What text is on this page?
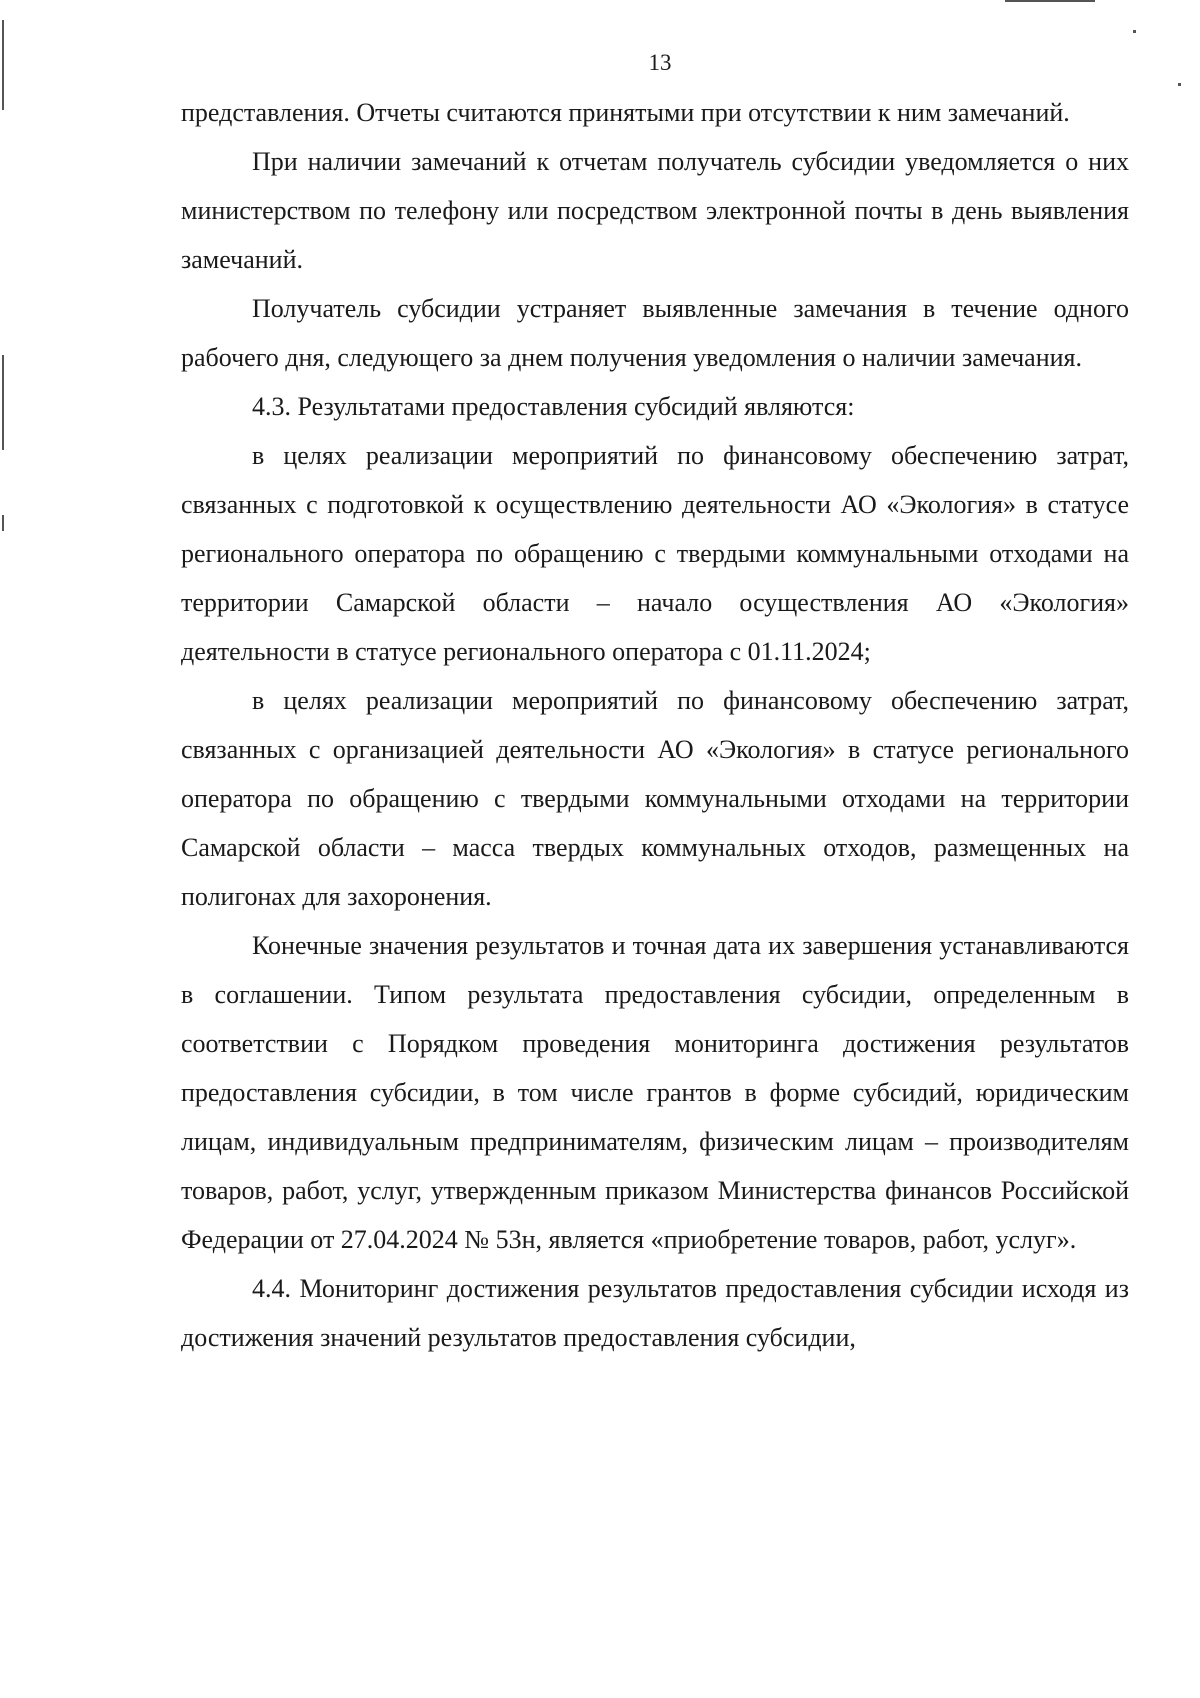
13

представления. Отчеты считаются принятыми при отсутствии к ним замечаний.

При наличии замечаний к отчетам получатель субсидии уведомляется о них министерством по телефону или посредством электронной почты в день выявления замечаний.

Получатель субсидии устраняет выявленные замечания в течение одного рабочего дня, следующего за днем получения уведомления о наличии замечания.

4.3. Результатами предоставления субсидий являются:

в целях реализации мероприятий по финансовому обеспечению затрат, связанных с подготовкой к осуществлению деятельности АО «Экология» в статусе регионального оператора по обращению с твердыми коммунальными отходами на территории Самарской области – начало осуществления АО «Экология» деятельности в статусе регионального оператора с 01.11.2024;

в целях реализации мероприятий по финансовому обеспечению затрат, связанных с организацией деятельности АО «Экология» в статусе регионального оператора по обращению с твердыми коммунальными отходами на территории Самарской области – масса твердых коммунальных отходов, размещенных на полигонах для захоронения.

Конечные значения результатов и точная дата их завершения устанавливаются в соглашении. Типом результата предоставления субсидии, определенным в соответствии с Порядком проведения мониторинга достижения результатов предоставления субсидии, в том числе грантов в форме субсидий, юридическим лицам, индивидуальным предпринимателям, физическим лицам – производителям товаров, работ, услуг, утвержденным приказом Министерства финансов Российской Федерации от 27.04.2024 № 53н, является «приобретение товаров, работ, услуг».

4.4. Мониторинг достижения результатов предоставления субсидии исходя из достижения значений результатов предоставления субсидии,
